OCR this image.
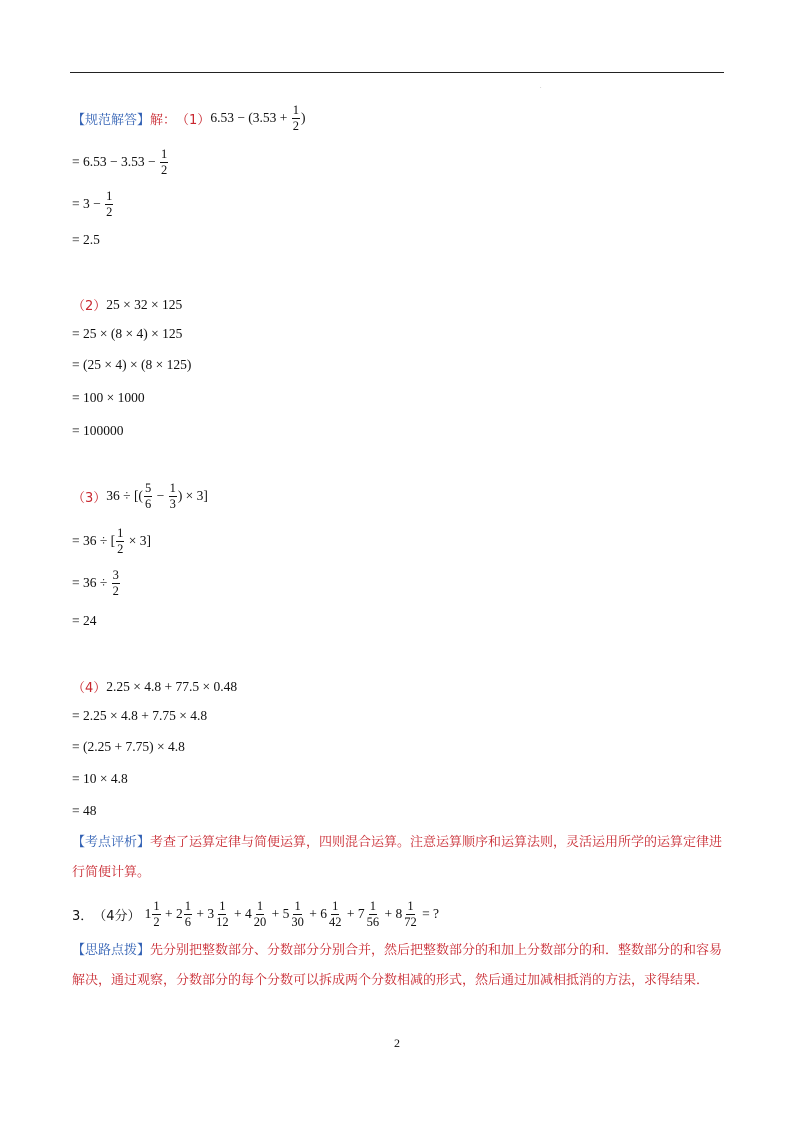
.
【规范解答】 解： （1） $6.53 - (3.53 + \frac{1}{2}$ )
= $6.53 - 3.53 - \frac{1}{2}$
= $3 - \frac{1}{2}$
= 2.5
（2） 25 × 32 × 125
= 25 × (8 × 4) × 125
= (25 × 4) × (8 × 125)
= 100 × 1000
= 100000
（3） 36 ÷ [( $\frac{5}{6} - \frac{1}{3}$ ) × 3]
= 36 ÷ [ $\frac{1}{2} \times 3$]
= $36 \div \frac{3}{2}$
= 24
（4） 2.25 × 4.8 + 77.5 × 0.48
= 2.25 × 4.8 + 7.75 × 4.8
= (2.25 + 7.75) × 4.8
= 10 × 4.8
= 48
【考点评析】考查了运算定律与简便运算，四则混合运算。注意运算顺序和运算法则，灵活运用所学的运算定律进行简便计算。
3． （4分） $1 \frac{1}{2} + 2 \frac{1}{6} + 3 \frac{1}{12} + 4 \frac{1}{20} + 5 \frac{1}{30} + 6 \frac{1}{42} + 7 \frac{1}{56} + 8 \frac{1}{72}$ = ?
【思路点拨】先分别把整数部分、分数部分分别合并，然后把整数部分的和加上分数部分的和．整数部分的和容易解决，通过观察，分数部分的每个分数可以拆成两个分数相减的形式，然后通过加减相抵消的方法，求得结果．
2
